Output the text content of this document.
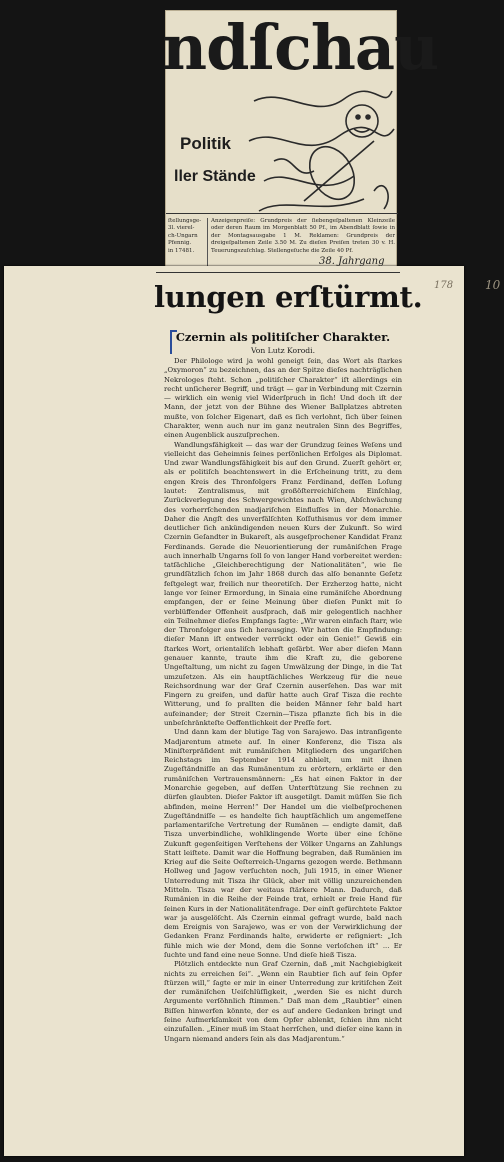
ndſchau
Politik
ller Stände
ſtellungsge-
3l. vierel-
ch-Ungarn
Pfennig.
in 17481.
Anzeigenpreiſe: Grundpreis der ſiebengeſpaltenen Kleinzeile oder deren Raum im Morgenblatt 50 Pf., im Abendblatt ſowie in der Montagsausgabe 1 M. Reklamen: Grundpreis der dreigeſpaltenen Zeile 3.50 M. Zu dieſen Preiſen treten 30 v. H. Teuerungszuſchlag. Stellengeſuche die Zeile 40 Pf.
38. Jahrgang
lungen erſtürmt. 178

Czernin als politiſcher Charakter.

Von Lutz Korodi.

Der Philologe wird ja wohl geneigt ſein, das Wort als ſtarkes „Oxymoron“ zu bezeichnen, das an der Spitze dieſes nachträglichen Nekrologes ſteht. Schon „politiſcher Charakter“ iſt allerdings ein recht unſicherer Begriff, und trägt — gar in Verbindung mit Czernin — wirklich ein wenig viel Widerſpruch in ſich! Und doch iſt der Mann, der jetzt von der Bühne des Wiener Ballplatzes abtreten mußte, von ſolcher Eigenart, daß es ſich verlohnt, ſich über ſeinen Charakter, wenn auch nur im ganz neutralen Sinn des Begriffes, einen Augenblick auszuſprechen.

Wandlungsfähigkeit — das war der Grundzug ſeines Weſens und vielleicht das Geheimnis ſeines perſönlichen Erfolges als Diplomat. Und zwar Wandlungsfähigkeit bis auf den Grund. Zuerſt gehört er, als er politiſch beachtenswert in die Erſcheinung tritt, zu dem engen Kreis des Thronfolgers Franz Ferdinand, deſſen Loſung lautet: Zentralismus, mit großöſterreichiſchem Einſchlag, Zurückverlegung des Schwergewichtes nach Wien, Abſchwächung des vorherrſchenden madjariſchen Einfluſſes in der Monarchie. Daher die Angſt des unverfälſchten Koſſuthismus vor dem immer deutlicher ſich ankündigenden neuen Kurs der Zukunft. So wird Czernin Geſandter in Bukareſt, als ausgeſprochener Kandidat Franz Ferdinands. Gerade die Neuorientierung der rumäniſchen Frage auch innerhalb Ungarns ſoll ſo von langer Hand vorbereitet werden: tatſächliche „Gleichberechtigung der Nationalitäten“, wie ſie grundſätzlich ſchon im Jahr 1868 durch das alſo benannte Geſetz feſtgelegt war, freilich nur theoretiſch. Der Erzherzog hatte, nicht lange vor ſeiner Ermordung, in Sinaia eine rumäniſche Abordnung empfangen, der er ſeine Meinung über dieſen Punkt mit ſo verblüffender Offenheit ausſprach, daß mir gelegentlich nachher ein Teilnehmer dieſes Empfangs ſagte: „Wir waren einfach ſtarr, wie der Thronfolger aus ſich herausging. Wir hatten die Empfindung: dieſer Mann iſt entweder verrückt oder ein Genie!“ Gewiß ein ſtarkes Wort, orientaliſch lebhaft geſärbt. Wer aber dieſen Mann genauer kannte, traute ihm die Kraft zu, die geborene Ungeſtaltung, um nicht zu ſagen Umwälzung der Dinge, in die Tat umzuſetzen. Als ein hauptſächliches Werkzeug für die neue Reichsordnung war der Graf Czernin auserſehen. Das war mit Fingern zu greifen, und dafür hatte auch Graf Tisza die rechte Witterung, und ſo prallten die beiden Männer ſehr bald hart aufeinander; der Streit Czernin—Tisza pflanzte ſich bis in die unbeſchränkteſte Oeffentlichkeit der Preſſe fort.

Und dann kam der blutige Tag von Sarajewo. Das intranſigente Madjarentum atmete auf. In einer Konferenz, die Tisza als Miniſterpräſident mit rumäniſchen Mitgliedern des ungariſchen Reichstags im September 1914 abhielt, um mit ihnen Zugeſtändniſſe an das Rumänentum zu erörtern, erklärte er den rumäniſchen Vertrauensmännern: „Es hat einen Faktor in der Monarchie gegeben, auf deſſen Unterſtützung Sie rechnen zu dürfen glaubten. Dieſer Faktor iſt ausgetilgt. Damit müſſen Sie ſich abfinden, meine Herren!“ Der Handel um die vielbeſprochenen Zugeſtändniſſe — es handelte ſich hauptſächlich um angemeſſene parlamentariſche Vertretung der Rumänen — endigte damit, daß Tisza unverbindliche, wohlklingende Worte über eine ſchöne Zukunft gegenſeitigen Verſtehens der Völker Ungarns an Zahlungs Statt leiſtete. Damit war die Hoffnung begraben, daß Rumänien im Krieg auf die Seite Oeſterreich-Ungarns gezogen werde. Bethmann Hollweg und Jagow verſuchten noch, Juli 1915, in einer Wiener Unterredung mit Tisza ihr Glück, aber mit völlig unzureichenden Mitteln. Tisza war der weitaus ſtärkere Mann. Dadurch, daß Rumänien in die Reihe der Feinde trat, erhielt er freie Hand für ſeinen Kurs in der Nationalitätenfrage. Der einſt gefürchtete Faktor war ja ausgelöſcht. Als Czernin einmal gefragt wurde, bald nach dem Ereignis von Sarajewo, was er von der Verwirklichung der Gedanken Franz Ferdinands halte, erwiderte er reſigniert: „Ich fühle mich wie der Mond, dem die Sonne verloſchen iſt“ ... Er ſuchte und fand eine neue Sonne. Und dieſe hieß Tisza.

Plötzlich entdeckte nun Graf Czernin, daß „mit Nachgiebigkeit nichts zu erreichen ſei“. „Wenn ein Raubtier ſich auf ſein Opfer ſtürzen will,“ ſagte er mir in einer Unterredung zur kritiſchen Zeit der rumäniſchen Ueiſchlüſſigkeit, „werden Sie es nicht durch Argumente verſöhnlich ſtimmen.“ Daß man dem „Raubtier“ einen Biſſen hinwerfen könnte, der es auf andere Gedanken bringt und ſeine Aufmerkſamkeit von dem Opfer ablenkt, ſchien ihm nicht einzufallen. „Einer muß im Staat herrſchen, und dieſer eine kann in Ungarn niemand anders ſein als das Madjarentum.“

10
